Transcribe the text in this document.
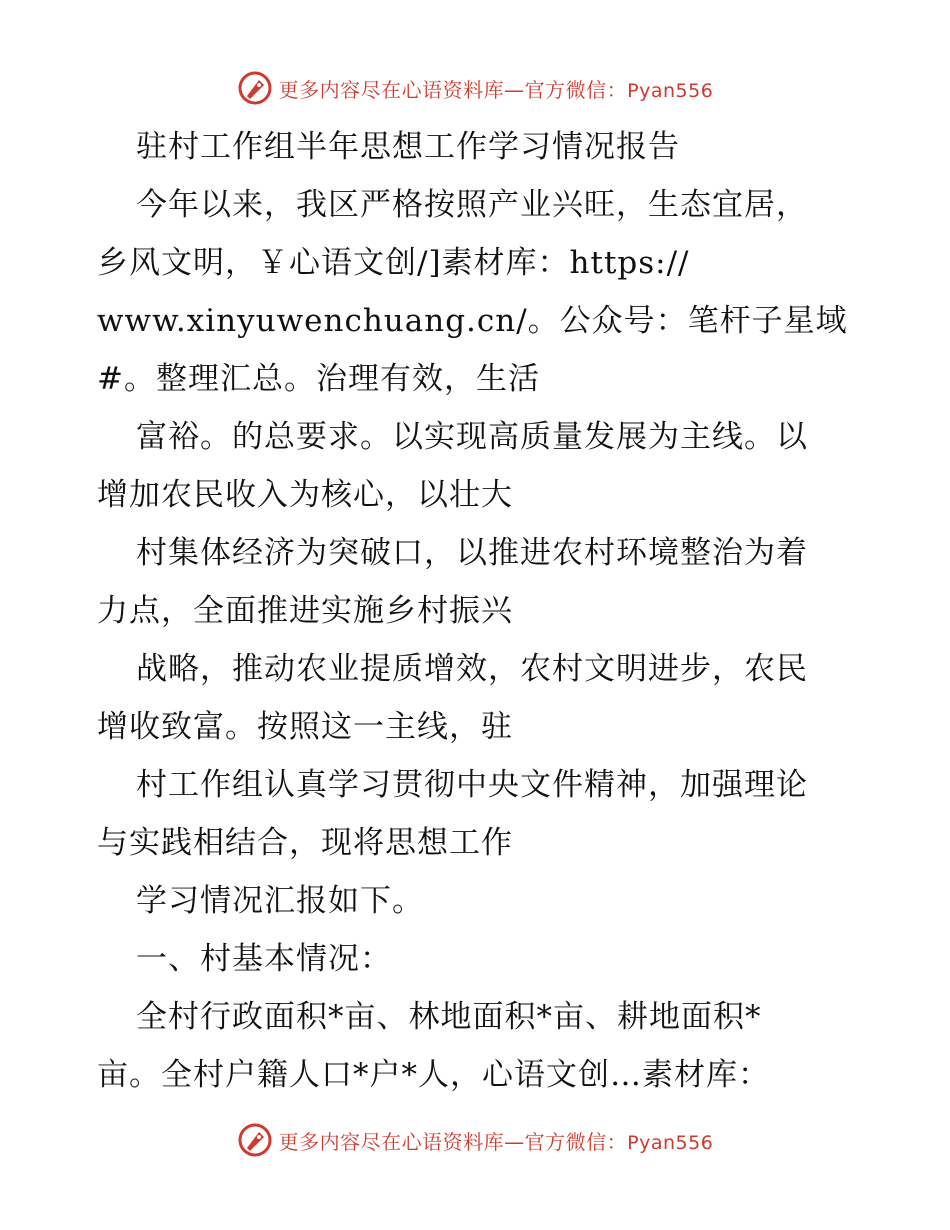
更多内容尽在心语资料库—官方微信：Pyan556
驻村工作组半年思想工作学习情况报告
今年以来，我区严格按照产业兴旺，生态宜居，
乡风文明，￥心语文创/]素材库：https://
www.xinyuwenchuang.cn/。公众号：笔杆子星域
#。整理汇总。治理有效，生活
富裕。的总要求。以实现高质量发展为主线。以
增加农民收入为核心，以壮大
村集体经济为突破口，以推进农村环境整治为着
力点，全面推进实施乡村振兴
战略，推动农业提质增效，农村文明进步，农民
增收致富。按照这一主线，驻
村工作组认真学习贯彻中央文件精神，加强理论
与实践相结合，现将思想工作
学习情况汇报如下。
一、村基本情况：
全村行政面积*亩、林地面积*亩、耕地面积*
亩。全村户籍人口*户*人，心语文创…素材库：
更多内容尽在心语资料库—官方微信：Pyan556
